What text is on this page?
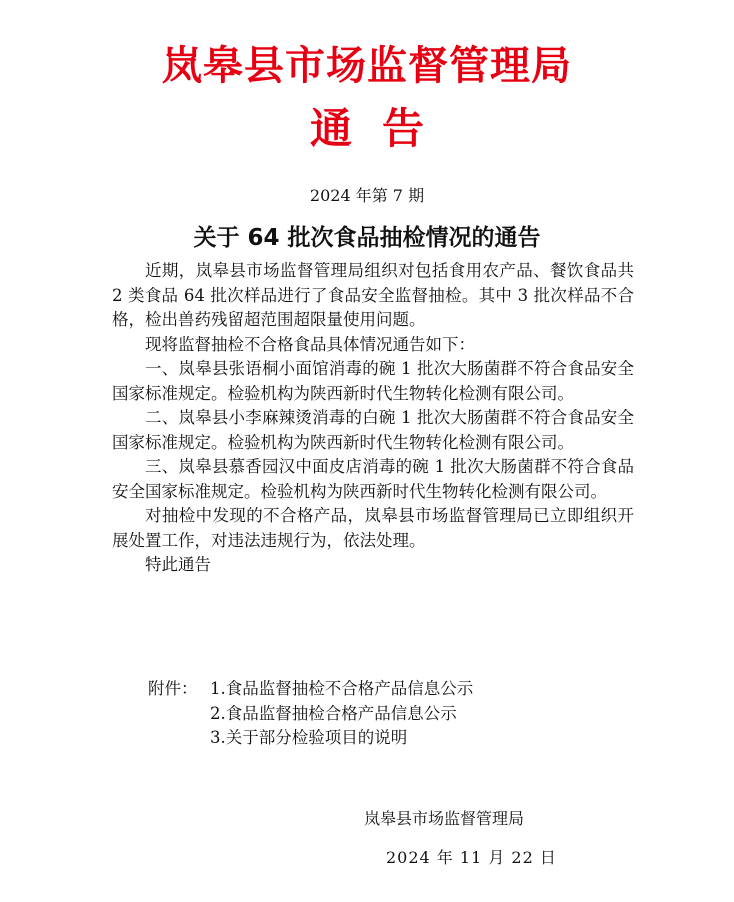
岚皋县市场监督管理局
通告
2024 年第 7 期
关于 64 批次食品抽检情况的通告

近期，岚皋县市场监督管理局组织对包括食用农产品、餐饮食品共 2 类食品 64 批次样品进行了食品安全监督抽检。其中 3 批次样品不合格，检出兽药残留超范围超限量使用问题。

现将监督抽检不合格食品具体情况通告如下：

一、岚皋县张语桐小面馆消毒的碗 1 批次大肠菌群不符合食品安全国家标准规定。检验机构为陕西新时代生物转化检测有限公司。

二、岚皋县小李麻辣烫消毒的白碗 1 批次大肠菌群不符合食品安全国家标准规定。检验机构为陕西新时代生物转化检测有限公司。

三、岚皋县慕香园汉中面皮店消毒的碗 1 批次大肠菌群不符合食品安全国家标准规定。检验机构为陕西新时代生物转化检测有限公司。

对抽检中发现的不合格产品，岚皋县市场监督管理局已立即组织开展处置工作，对违法违规行为，依法处理。

特此通告

附件： 1.食品监督抽检不合格产品信息公示
2.食品监督抽检合格产品信息公示
3.关于部分检验项目的说明
岚皋县市场监督管理局
2024 年 11 月 22 日
